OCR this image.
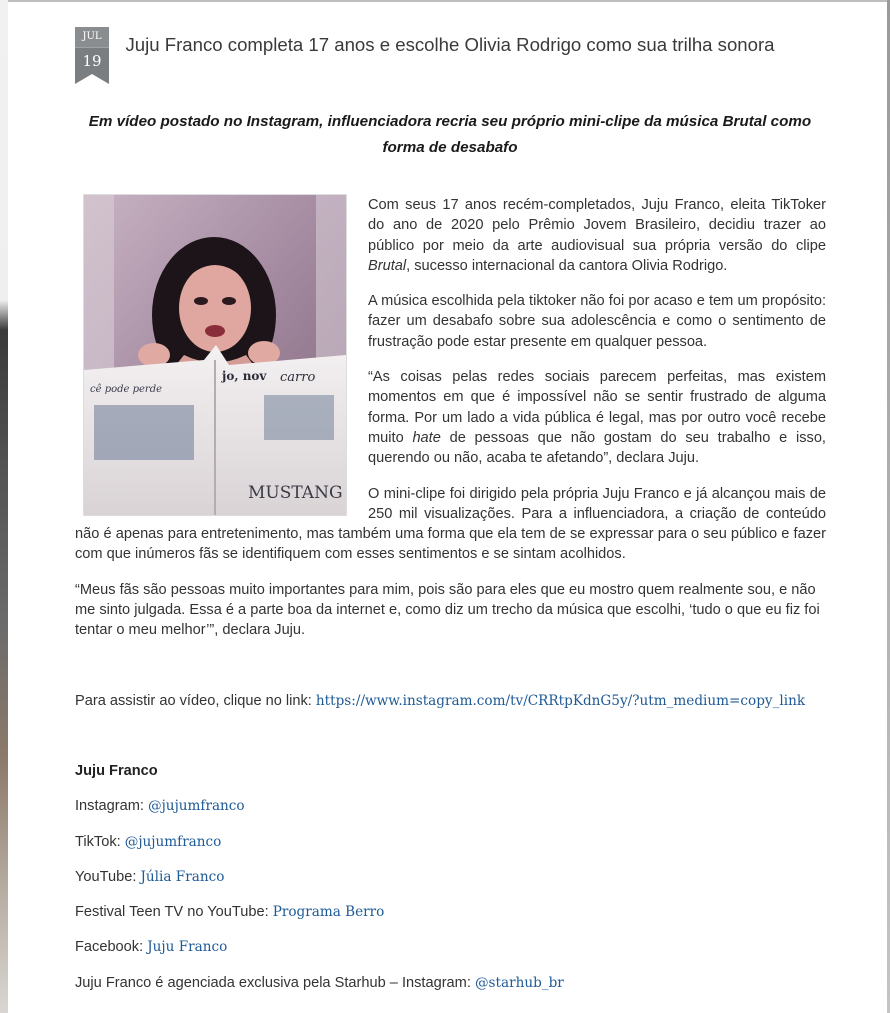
JUL
19
Juju Franco completa 17 anos e escolhe Olivia Rodrigo como sua trilha sonora

Em vídeo postado no Instagram, influenciadora recria seu próprio mini-clipe da música Brutal como forma de desabafo

cê pode perde
jo, nov carro
MUSTANG

Com seus 17 anos recém-completados, Juju Franco, eleita TikToker do ano de 2020 pelo Prêmio Jovem Brasileiro, decidiu trazer ao público por meio da arte audiovisual sua própria versão do clipe Brutal, sucesso internacional da cantora Olivia Rodrigo.

A música escolhida pela tiktoker não foi por acaso e tem um propósito: fazer um desabafo sobre sua adolescência e como o sentimento de frustração pode estar presente em qualquer pessoa.

“As coisas pelas redes sociais parecem perfeitas, mas existem momentos em que é impossível não se sentir frustrado de alguma forma. Por um lado a vida pública é legal, mas por outro você recebe muito hate de pessoas que não gostam do seu trabalho e isso, querendo ou não, acaba te afetando”, declara Juju.

O mini-clipe foi dirigido pela própria Juju Franco e já alcançou mais de 250 mil visualizações. Para a influenciadora, a criação de conteúdo não é apenas para entretenimento, mas também uma forma que ela tem de se expressar para o seu público e fazer com que inúmeros fãs se identifiquem com esses sentimentos e se sintam acolhidos.

“Meus fãs são pessoas muito importantes para mim, pois são para eles que eu mostro quem realmente sou, e não me sinto julgada. Essa é a parte boa da internet e, como diz um trecho da música que escolhi, ‘tudo o que eu fiz foi tentar o meu melhor’”, declara Juju.

Para assistir ao vídeo, clique no link: https://www.instagram.com/tv/CRRtpKdnG5y/?utm_medium=copy_link

Juju Franco

Instagram: @jujumfranco

TikTok: @jujumfranco

YouTube: Júlia Franco

Festival Teen TV no YouTube: Programa Berro

Facebook: Juju Franco

Juju Franco é agenciada exclusiva pela Starhub – Instagram: @starhub_br
